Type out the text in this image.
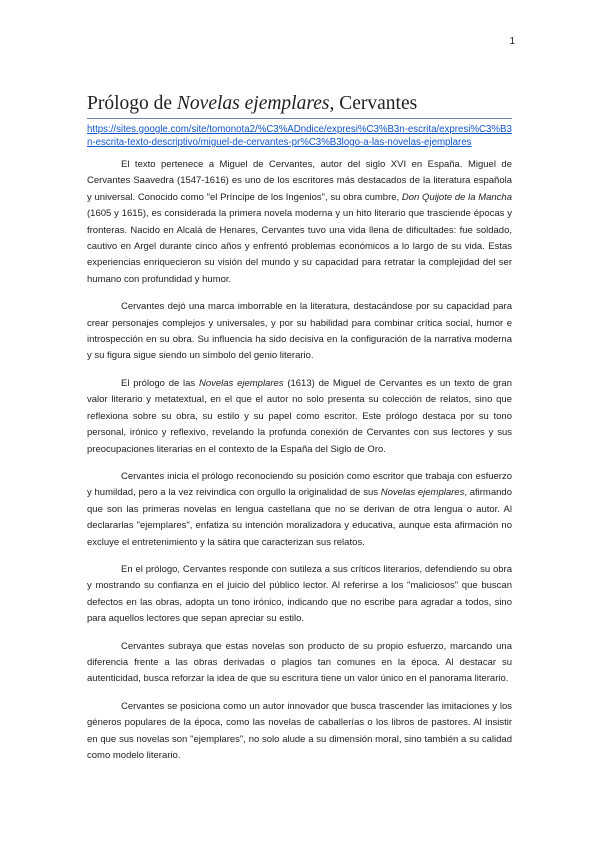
1
Prólogo de Novelas ejemplares, Cervantes
https://sites.google.com/site/tomonota2/%C3%ADndice/expresi%C3%B3n-escrita/expresi%C3%B3n-escrita-texto-descriptivo/miguel-de-cervantes-pr%C3%B3logo-a-las-novelas-ejemplares

El texto pertenece a Miguel de Cervantes, autor del siglo XVI en España. Miguel de Cervantes Saavedra (1547-1616) es uno de los escritores más destacados de la literatura española y universal. Conocido como "el Príncipe de los Ingenios", su obra cumbre, Don Quijote de la Mancha (1605 y 1615), es considerada la primera novela moderna y un hito literario que trasciende épocas y fronteras. Nacido en Alcalá de Henares, Cervantes tuvo una vida llena de dificultades: fue soldado, cautivo en Argel durante cinco años y enfrentó problemas económicos a lo largo de su vida. Estas experiencias enriquecieron su visión del mundo y su capacidad para retratar la complejidad del ser humano con profundidad y humor.

Cervantes dejó una marca imborrable en la literatura, destacándose por su capacidad para crear personajes complejos y universales, y por su habilidad para combinar crítica social, humor e introspección en su obra. Su influencia ha sido decisiva en la configuración de la narrativa moderna y su figura sigue siendo un símbolo del genio literario.

El prólogo de las Novelas ejemplares (1613) de Miguel de Cervantes es un texto de gran valor literario y metatextual, en el que el autor no solo presenta su colección de relatos, sino que reflexiona sobre su obra, su estilo y su papel como escritor. Este prólogo destaca por su tono personal, irónico y reflexivo, revelando la profunda conexión de Cervantes con sus lectores y sus preocupaciones literarias en el contexto de la España del Siglo de Oro.

Cervantes inicia el prólogo reconociendo su posición como escritor que trabaja con esfuerzo y humildad, pero a la vez reivindica con orgullo la originalidad de sus Novelas ejemplares, afirmando que son las primeras novelas en lengua castellana que no se derivan de otra lengua o autor. Al declararlas "ejemplares", enfatiza su intención moralizadora y educativa, aunque esta afirmación no excluye el entretenimiento y la sátira que caracterizan sus relatos.

En el prólogo, Cervantes responde con sutileza a sus críticos literarios, defendiendo su obra y mostrando su confianza en el juicio del público lector. Al referirse a los "maliciosos" que buscan defectos en las obras, adopta un tono irónico, indicando que no escribe para agradar a todos, sino para aquellos lectores que sepan apreciar su estilo.

Cervantes subraya que estas novelas son producto de su propio esfuerzo, marcando una diferencia frente a las obras derivadas o plagios tan comunes en la época. Al destacar su autenticidad, busca reforzar la idea de que su escritura tiene un valor único en el panorama literario.

Cervantes se posiciona como un autor innovador que busca trascender las imitaciones y los géneros populares de la época, como las novelas de caballerías o los libros de pastores. Al insistir en que sus novelas son "ejemplares", no solo alude a su dimensión moral, sino también a su calidad como modelo literario.
